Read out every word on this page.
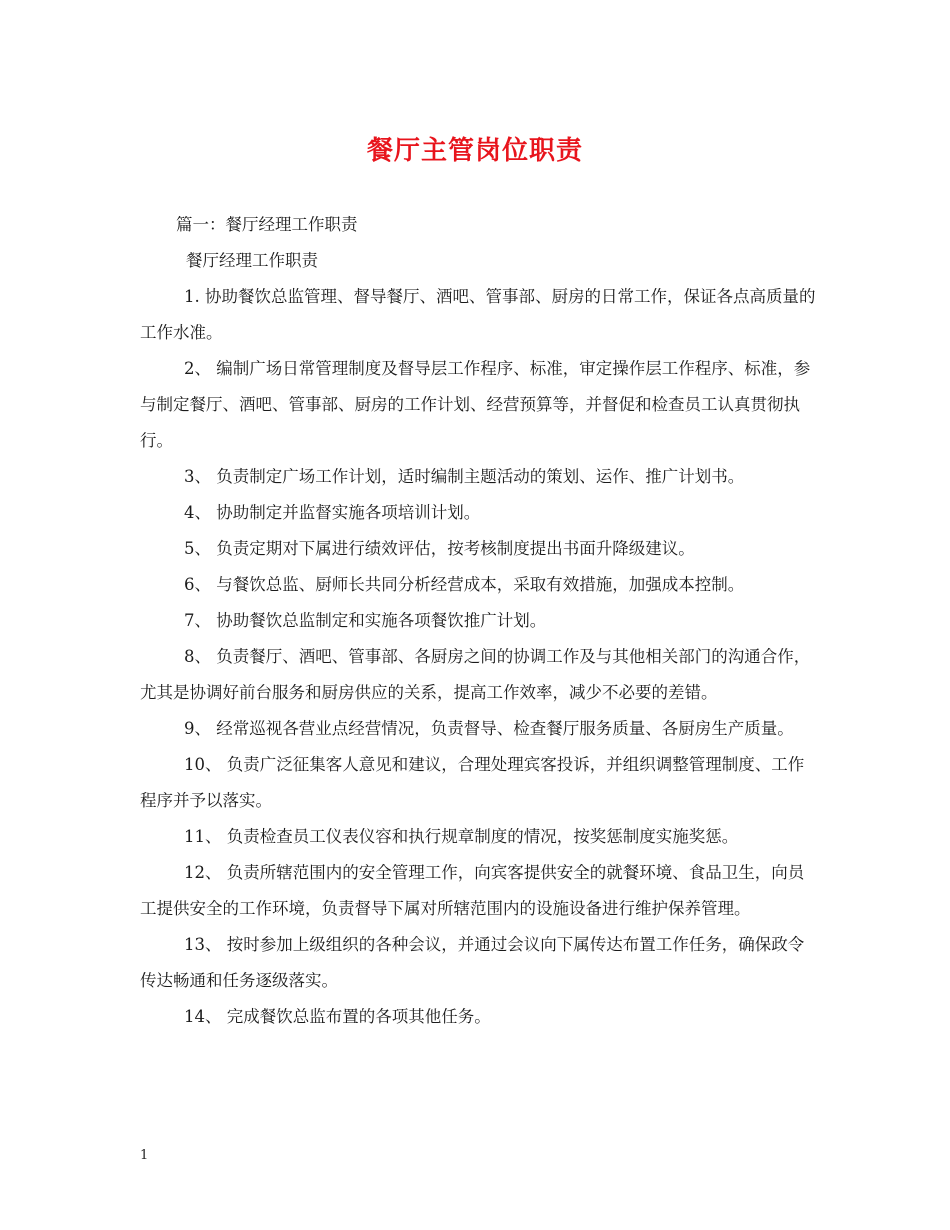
餐厅主管岗位职责

篇一：餐厅经理工作职责

餐厅经理工作职责

1. 协助餐饮总监管理、督导餐厅、酒吧、管事部、厨房的日常工作，保证各点高质量的工作水准。

2、 编制广场日常管理制度及督导层工作程序、标准，审定操作层工作程序、标准，参与制定餐厅、酒吧、管事部、厨房的工作计划、经营预算等，并督促和检查员工认真贯彻执行。

3、 负责制定广场工作计划，适时编制主题活动的策划、运作、推广计划书。

4、 协助制定并监督实施各项培训计划。

5、 负责定期对下属进行绩效评估，按考核制度提出书面升降级建议。

6、 与餐饮总监、厨师长共同分析经营成本，采取有效措施，加强成本控制。

7、 协助餐饮总监制定和实施各项餐饮推广计划。

8、 负责餐厅、酒吧、管事部、各厨房之间的协调工作及与其他相关部门的沟通合作，尤其是协调好前台服务和厨房供应的关系，提高工作效率，减少不必要的差错。

9、 经常巡视各营业点经营情况，负责督导、检查餐厅服务质量、各厨房生产质量。

10、 负责广泛征集客人意见和建议，合理处理宾客投诉，并组织调整管理制度、工作程序并予以落实。

11、 负责检查员工仪表仪容和执行规章制度的情况，按奖惩制度实施奖惩。

12、 负责所辖范围内的安全管理工作，向宾客提供安全的就餐环境、食品卫生，向员工提供安全的工作环境，负责督导下属对所辖范围内的设施设备进行维护保养管理。

13、 按时参加上级组织的各种会议，并通过会议向下属传达布置工作任务，确保政令传达畅通和任务逐级落实。

14、 完成餐饮总监布置的各项其他任务。

1
